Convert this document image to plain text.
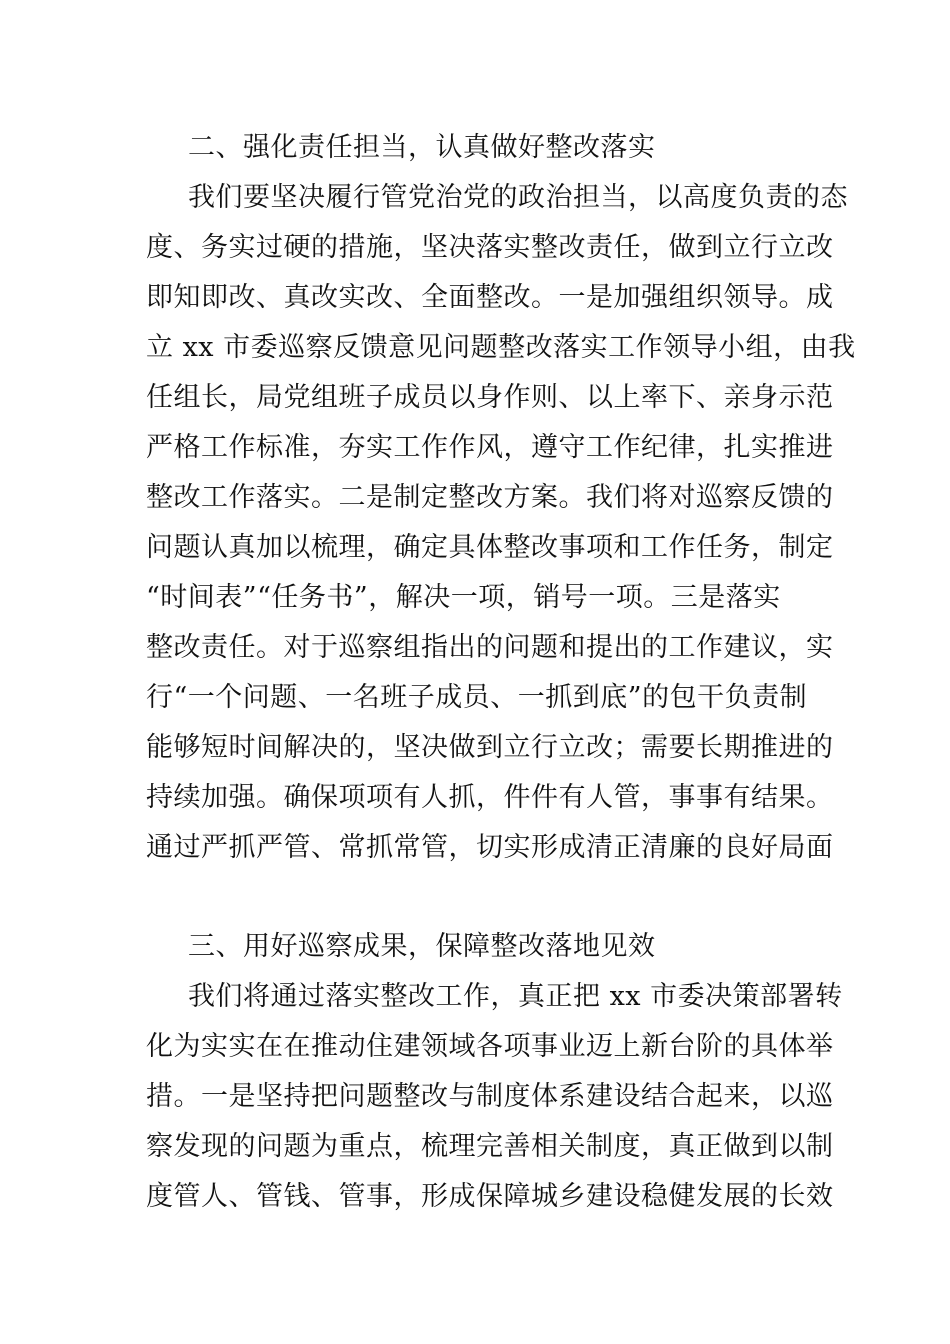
二、强化责任担当，认真做好整改落实
我们要坚决履行管党治党的政治担当，以高度负责的态
度、务实过硬的措施，坚决落实整改责任，做到立行立改
即知即改、真改实改、全面整改。一是加强组织领导。成
立 xx 市委巡察反馈意见问题整改落实工作领导小组，由我
任组长，局党组班子成员以身作则、以上率下、亲身示范
严格工作标准，夯实工作作风，遵守工作纪律，扎实推进
整改工作落实。二是制定整改方案。我们将对巡察反馈的
问题认真加以梳理，确定具体整改事项和工作任务，制定
“时间表”“任务书”，解决一项，销号一项。三是落实
整改责任。对于巡察组指出的问题和提出的工作建议，实
行“一个问题、一名班子成员、一抓到底”的包干负责制
能够短时间解决的，坚决做到立行立改；需要长期推进的
持续加强。确保项项有人抓，件件有人管，事事有结果。
通过严抓严管、常抓常管，切实形成清正清廉的良好局面
三、用好巡察成果，保障整改落地见效
我们将通过落实整改工作，真正把 xx 市委决策部署转
化为实实在在推动住建领域各项事业迈上新台阶的具体举
措。一是坚持把问题整改与制度体系建设结合起来，以巡
察发现的问题为重点，梳理完善相关制度，真正做到以制
度管人、管钱、管事，形成保障城乡建设稳健发展的长效
